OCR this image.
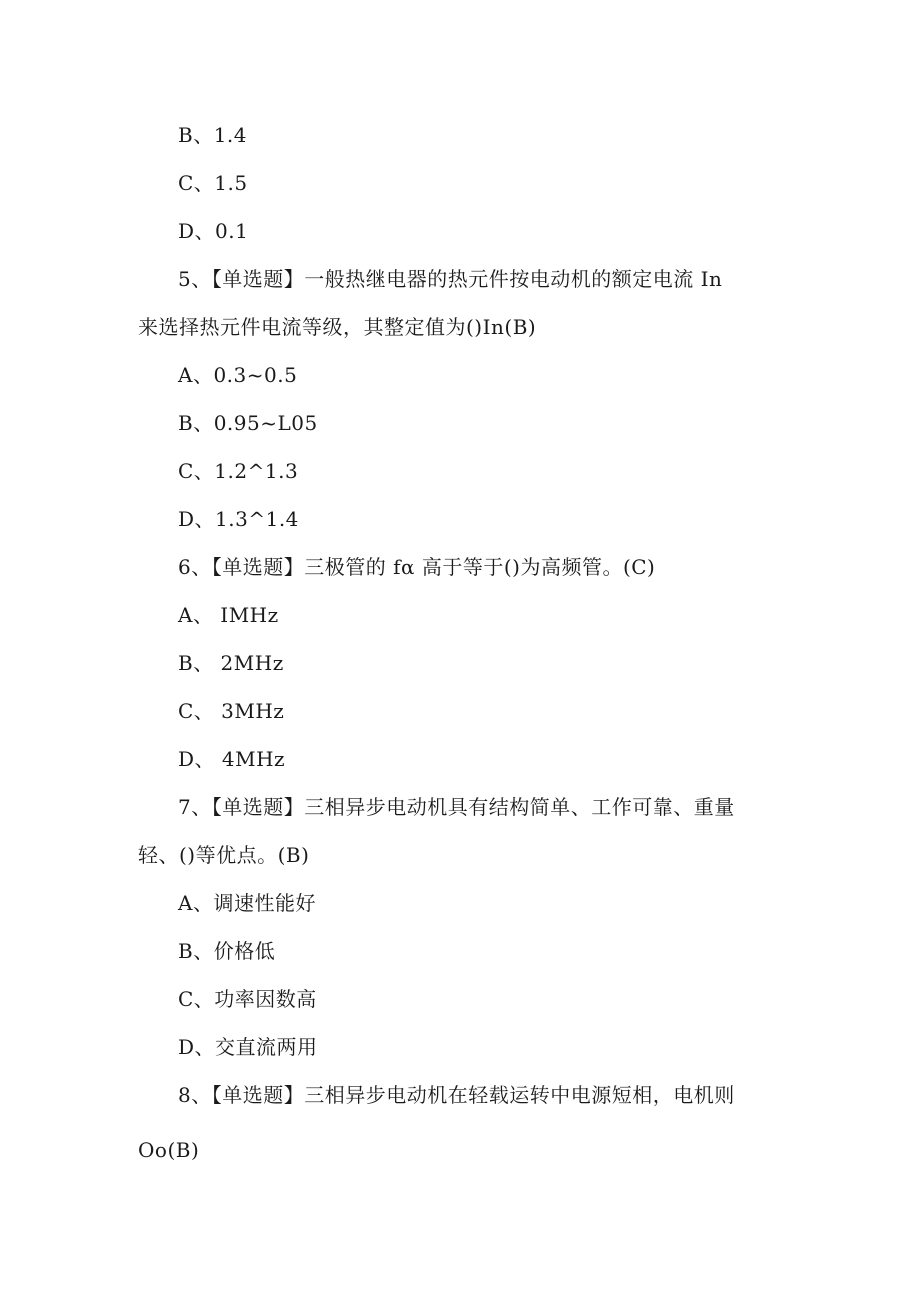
B、1.4
C、1.5
D、0.1
5、【单选题】一般热继电器的热元件按电动机的额定电流 In
来选择热元件电流等级，其整定值为()In(B)
A、0.3~0.5
B、0.95~L05
C、1.2^1.3
D、1.3^1.4
6、【单选题】三极管的 fα 高于等于()为高频管。(C)
A、 IMHz
B、 2MHz
C、 3MHz
D、 4MHz
7、【单选题】三相异步电动机具有结构简单、工作可靠、重量
轻、()等优点。(B)
A、调速性能好
B、价格低
C、功率因数高
D、交直流两用
8、【单选题】三相异步电动机在轻载运转中电源短相，电机则
Oo(B)
